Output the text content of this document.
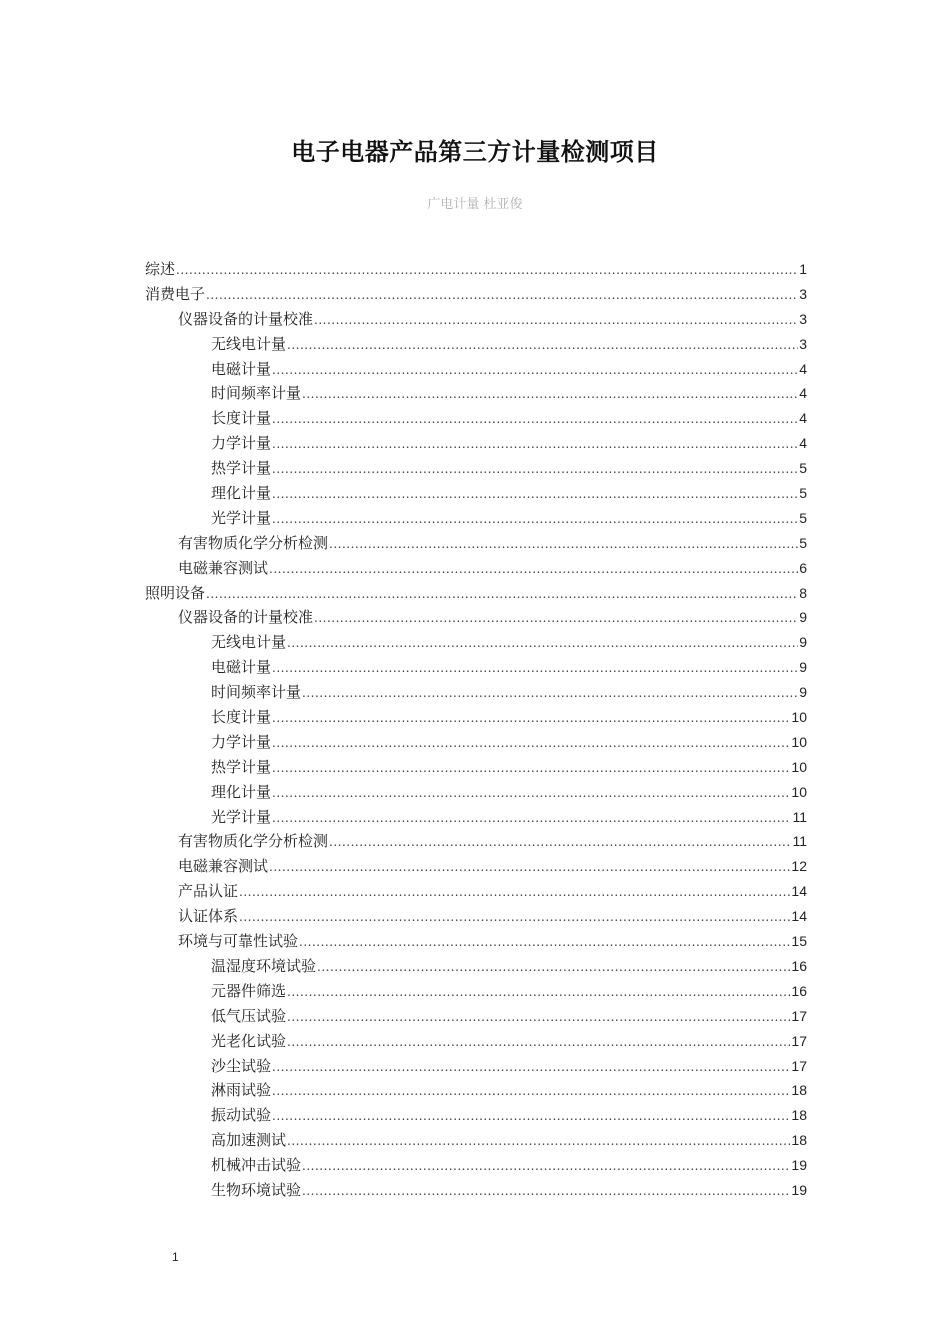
电子电器产品第三方计量检测项目
广电计量 杜亚俊
综述 .....	1
消费电子 .....	3
仪器设备的计量校准 .....	3
无线电计量 .....	3
电磁计量 .....	4
时间频率计量 .....	4
长度计量 .....	4
力学计量 .....	4
热学计量 .....	5
理化计量 .....	5
光学计量 .....	5
有害物质化学分析检测 .....	5
电磁兼容测试 .....	6
照明设备 .....	8
仪器设备的计量校准 .....	9
无线电计量 .....	9
电磁计量 .....	9
时间频率计量 .....	9
长度计量 .....	10
力学计量 .....	10
热学计量 .....	10
理化计量 .....	10
光学计量 .....	11
有害物质化学分析检测 .....	11
电磁兼容测试 .....	12
产品认证 .....	14
认证体系 .....	14
环境与可靠性试验 .....	15
温湿度环境试验 .....	16
元器件筛选 .....	16
低气压试验 .....	17
光老化试验 .....	17
沙尘试验 .....	17
淋雨试验 .....	18
振动试验 .....	18
高加速测试 .....	18
机械冲击试验 .....	19
生物环境试验 .....	19
1
